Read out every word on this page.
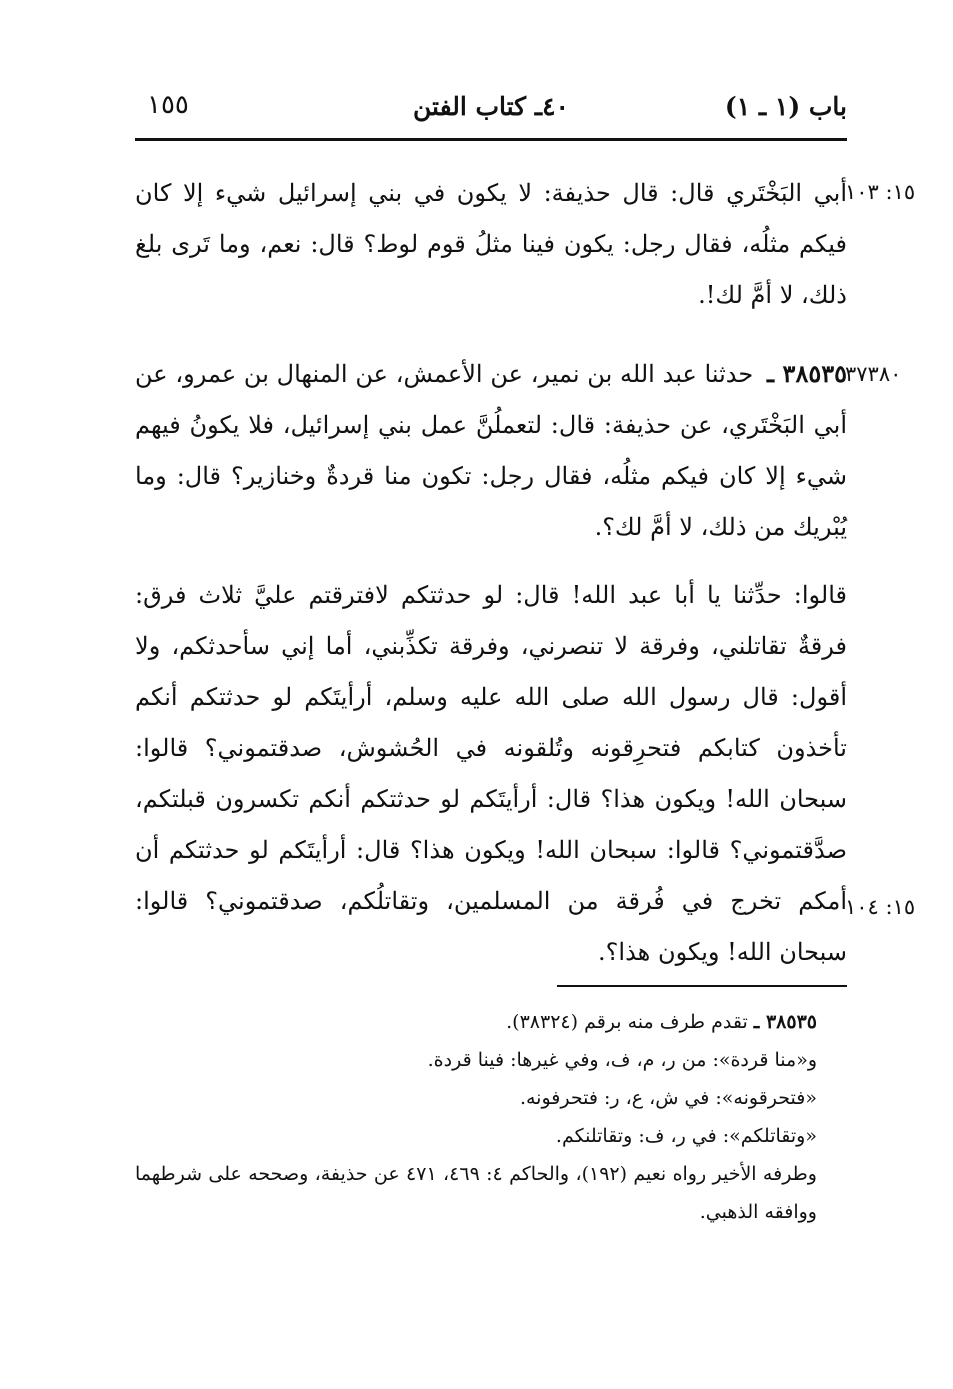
باب (١ ـ ١)
٤٠ـ كتاب الفتن
١٥٥
١٥: ١٠٣
٣٧٣٨٠
١٥: ١٠٤
أبي البَخْتَري قال: قال حذيفة: لا يكون في بني إسرائيل شيء إلا كان فيكم مثلُه، فقال رجل: يكون فينا مثلُ قوم لوط؟ قال: نعم، وما تَرى بلغ ذلك، لا أمَّ لك!.
٣٨٥٣٥ ـ حدثنا عبد الله بن نمير، عن الأعمش، عن المنهال بن عمرو، عن أبي البَخْتَري، عن حذيفة: قال: لتعملُنَّ عمل بني إسرائيل، فلا يكونُ فيهم شيء إلا كان فيكم مثلُه، فقال رجل: تكون منا قردةٌ وخنازير؟ قال: وما يُبْريك من ذلك، لا أمَّ لك؟.
قالوا: حدِّثنا يا أبا عبد الله! قال: لو حدثتكم لافترقتم عليَّ ثلاث فرق: فرقةٌ تقاتلني، وفرقة لا تنصرني، وفرقة تكذِّبني، أما إني سأحدثكم، ولا أقول: قال رسول الله صلى الله عليه وسلم، أرأيتَكم لو حدثتكم أنكم تأخذون كتابكم فتحرِقونه وتُلقونه في الحُشوش، صدقتموني؟ قالوا: سبحان الله! ويكون هذا؟ قال: أرأيتَكم لو حدثتكم أنكم تكسرون قبلتكم، صدَّقتموني؟ قالوا: سبحان الله! ويكون هذا؟ قال: أرأيتَكم لو حدثتكم أن أمكم تخرج في فُرقة من المسلمين، وتقاتلُكم، صدقتموني؟ قالوا: سبحان الله! ويكون هذا؟.

٣٨٥٣٥ ـ تقدم طرف منه برقم (٣٨٣٢٤).

و«منا قردة»: من ر، م، ف، وفي غيرها: فينا قردة.

«فتحرقونه»: في ش، ع، ر: فتحرفونه.

«وتقاتلكم»: في ر، ف: وتقاتلنكم.

وطرفه الأخير رواه نعيم (١٩٢)، والحاكم ٤: ٤٦٩، ٤٧١ عن حذيفة، وصححه على شرطهما ووافقه الذهبي.
